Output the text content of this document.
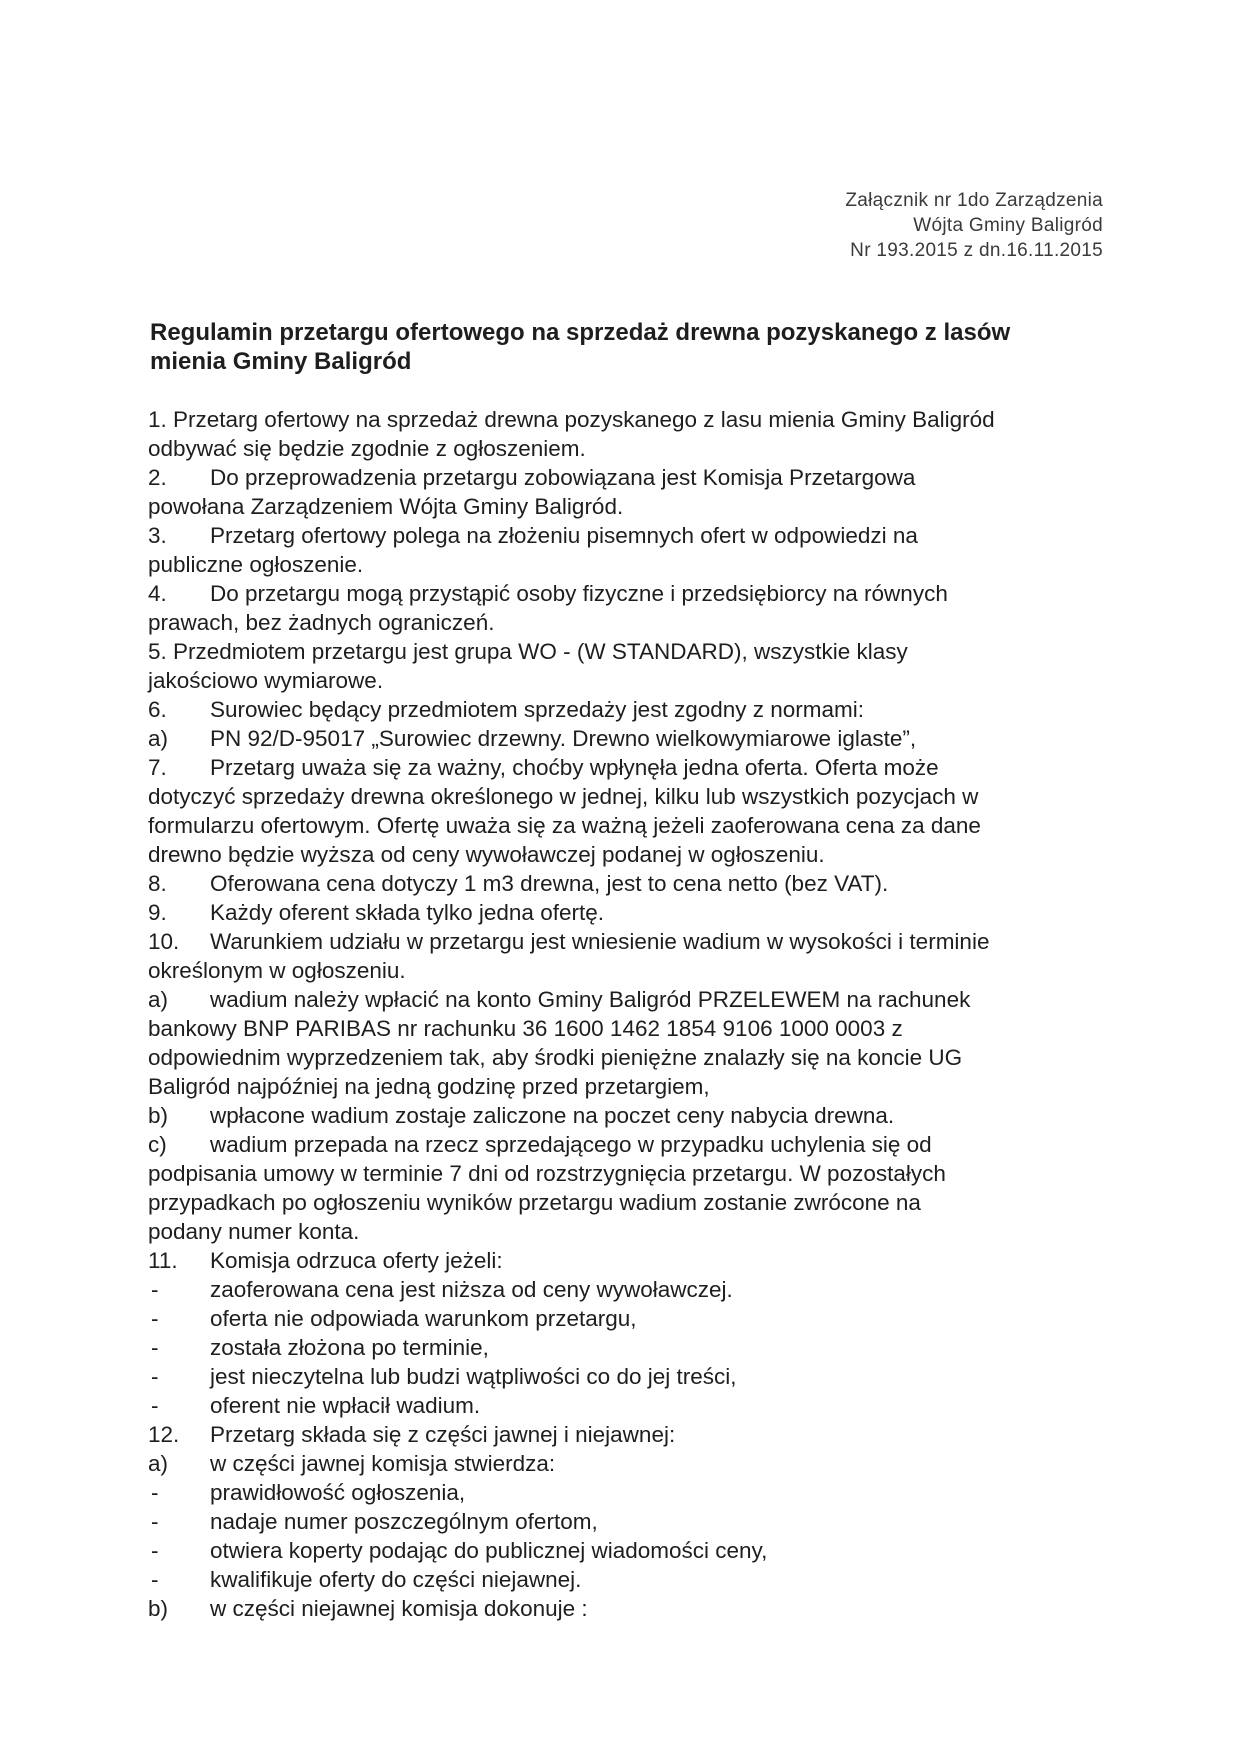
Załącznik nr 1do Zarządzenia
Wójta Gminy Baligród
Nr 193.2015 z dn.16.11.2015
Regulamin przetargu ofertowego na sprzedaż drewna pozyskanego z lasów
mienia Gminy Baligród
1. Przetarg ofertowy na sprzedaż drewna pozyskanego z lasu mienia Gminy Baligród
odbywać się będzie zgodnie z ogłoszeniem.
2. Do przeprowadzenia przetargu zobowiązana jest Komisja Przetargowa
powołana Zarządzeniem Wójta Gminy Baligród.
3. Przetarg ofertowy polega na złożeniu pisemnych ofert w odpowiedzi na
publiczne ogłoszenie.
4. Do przetargu mogą przystąpić osoby fizyczne i przedsiębiorcy na równych
prawach, bez żadnych ograniczeń.
5. Przedmiotem przetargu jest grupa WO - (W STANDARD), wszystkie klasy
jakościowo wymiarowe.
6. Surowiec będący przedmiotem sprzedaży jest zgodny z normami:
a) PN 92/D-95017 „Surowiec drzewny. Drewno wielkowymiarowe iglaste”,
7. Przetarg uważa się za ważny, choćby wpłynęła jedna oferta. Oferta może
dotyczyć sprzedaży drewna określonego w jednej, kilku lub wszystkich pozycjach w
formularzu ofertowym. Ofertę uważa się za ważną jeżeli zaoferowana cena za dane
drewno będzie wyższa od ceny wywoławczej podanej w ogłoszeniu.
8. Oferowana cena dotyczy 1 m3 drewna, jest to cena netto (bez VAT).
9. Każdy oferent składa tylko jedna ofertę.
10. Warunkiem udziału w przetargu jest wniesienie wadium w wysokości i terminie
określonym w ogłoszeniu.
a) wadium należy wpłacić na konto Gminy Baligród PRZELEWEM na rachunek
bankowy BNP PARIBAS nr rachunku 36 1600 1462 1854 9106 1000 0003 z
odpowiednim wyprzedzeniem tak, aby środki pieniężne znalazły się na koncie UG
Baligród najpóźniej na jedną godzinę przed przetargiem,
b) wpłacone wadium zostaje zaliczone na poczet ceny nabycia drewna.
c) wadium przepada na rzecz sprzedającego w przypadku uchylenia się od
podpisania umowy w terminie 7 dni od rozstrzygnięcia przetargu. W pozostałych
przypadkach po ogłoszeniu wyników przetargu wadium zostanie zwrócone na
podany numer konta.
11. Komisja odrzuca oferty jeżeli:
- zaoferowana cena jest niższa od ceny wywoławczej.
- oferta nie odpowiada warunkom przetargu,
- została złożona po terminie,
- jest nieczytelna lub budzi wątpliwości co do jej treści,
- oferent nie wpłacił wadium.
12. Przetarg składa się z części jawnej i niejawnej:
a) w części jawnej komisja stwierdza:
- prawidłowość ogłoszenia,
- nadaje numer poszczególnym ofertom,
- otwiera koperty podając do publicznej wiadomości ceny,
- kwalifikuje oferty do części niejawnej.
b) w części niejawnej komisja dokonuje :
